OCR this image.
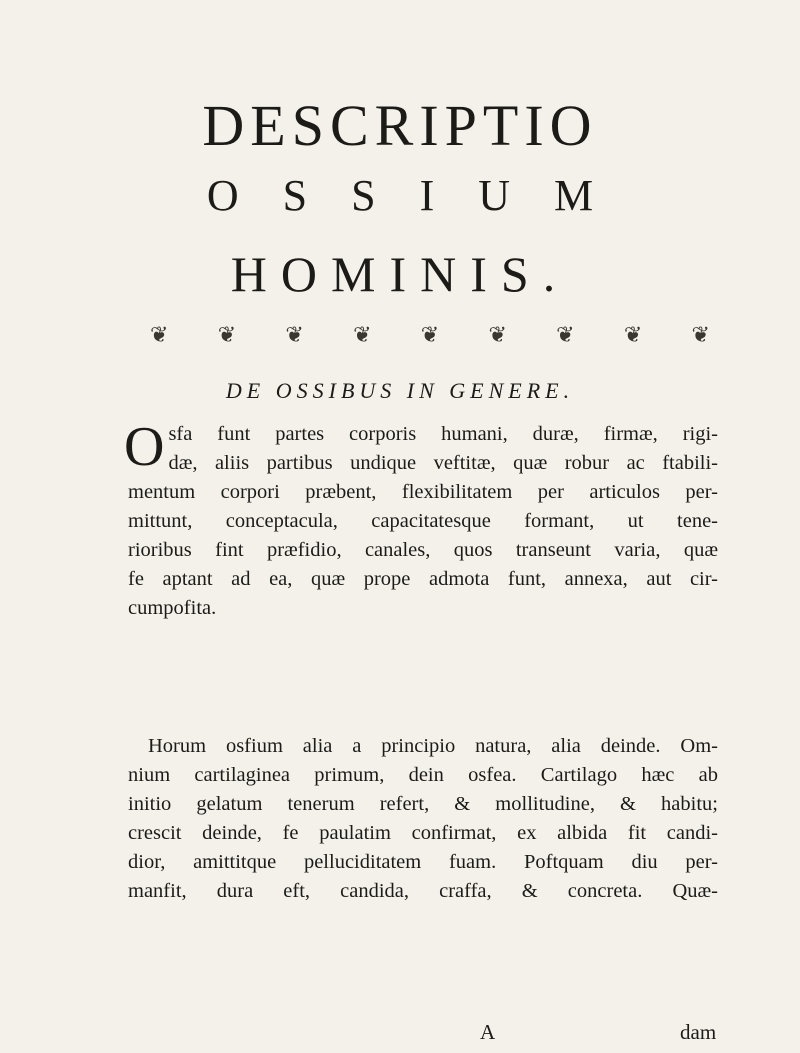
DESCRIPTIO
O S S I U M
HOMINIS.
❦ ❦ ❦ ❦ ❦ ❦ ❦ ❦ ❦
DE OSSIBUS IN GENERE.
O sfa funt partes corporis humani, duræ, firmæ, rigi-
dæ, aliis partibus undique veftitæ, quæ robur ac ftabili-
mentum corpori præbent, flexibilitatem per articulos per-
mittunt, conceptacula, capacitatesque formant, ut tene-
rioribus fint præfidio, canales, quos transeunt varia, quæ
fe aptant ad ea, quæ prope admota funt, annexa, aut cir-
cumpofita.
Horum osfium alia a principio natura, alia deinde. Om-
nium cartilaginea primum, dein osfea. Cartilago hæc ab
initio gelatum tenerum refert, & mollitudine, & habitu;
crescit deinde, fe paulatim confirmat, ex albida fit candi-
dior, amittitque pelluciditatem fuam. Poftquam diu per-
manfit, dura eft, candida, craffa, & concreta. Quæ-
A	dam
